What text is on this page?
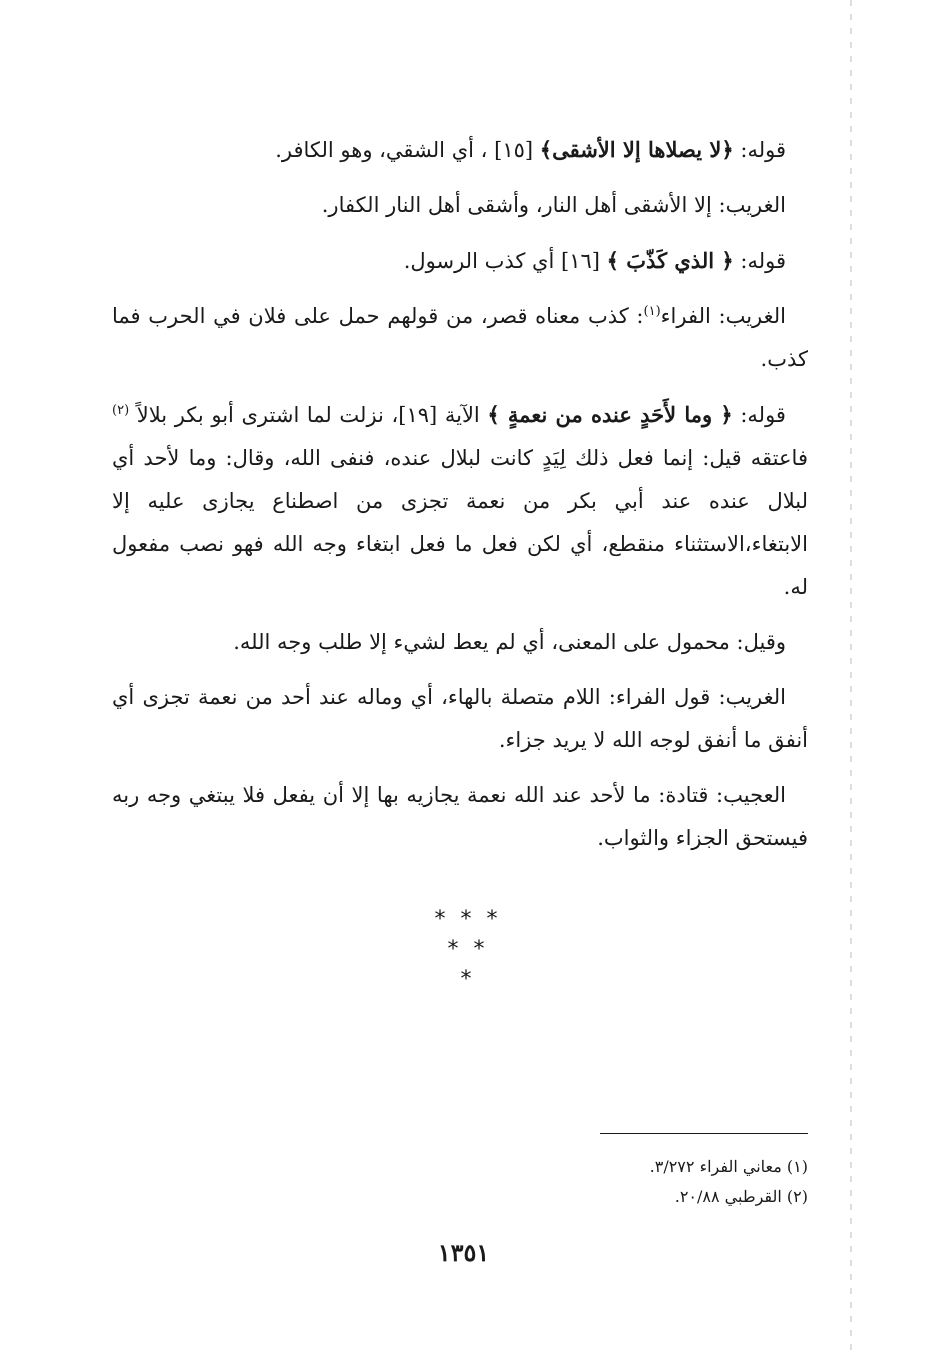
قوله: ﴿لا يصلاها إلا الأشقى﴾ [١٥] ، أي الشقي، وهو الكافر.

الغريب: إلا الأشقى أهل النار، وأشقى أهل النار الكفار.

قوله: ﴿ الذي كَذّبَ ﴾ [١٦] أي كذب الرسول.

الغريب: الفراء$^{(١)}$: كذب معناه قصر، من قولهم حمل على فلان في الحرب فما كذب.

قوله: ﴿ وما لأَحَدٍ عنده من نعمةٍ ﴾ الآية [١٩]، نزلت لما اشترى أبو بكر بلالاً $^{(٢)}$ فاعتقه قيل: إنما فعل ذلك لِيَدٍ كانت لبلال عنده، فنفى الله، وقال: وما لأحد أي لبلال عنده عند أبي بكر من نعمة تجزى من اصطناع يجازى عليه إلا الابتغاء،الاستثناء منقطع، أي لكن فعل ما فعل ابتغاء وجه الله فهو نصب مفعول له.

وقيل: محمول على المعنى، أي لم يعط لشيء إلا طلب وجه الله.

الغريب: قول الفراء: اللام متصلة بالهاء، أي وماله عند أحد من نعمة تجزى أي أنفق ما أنفق لوجه الله لا يريد جزاء.

العجيب: قتادة: ما لأحد عند الله نعمة يجازيه بها إلا أن يفعل فلا يبتغي وجه ربه فيستحق الجزاء والثواب.

* * *
* *
*
(١) معاني الفراء ٣/٢٧٢.
(٢) القرطبي ٢٠/٨٨.
١٣٥١
